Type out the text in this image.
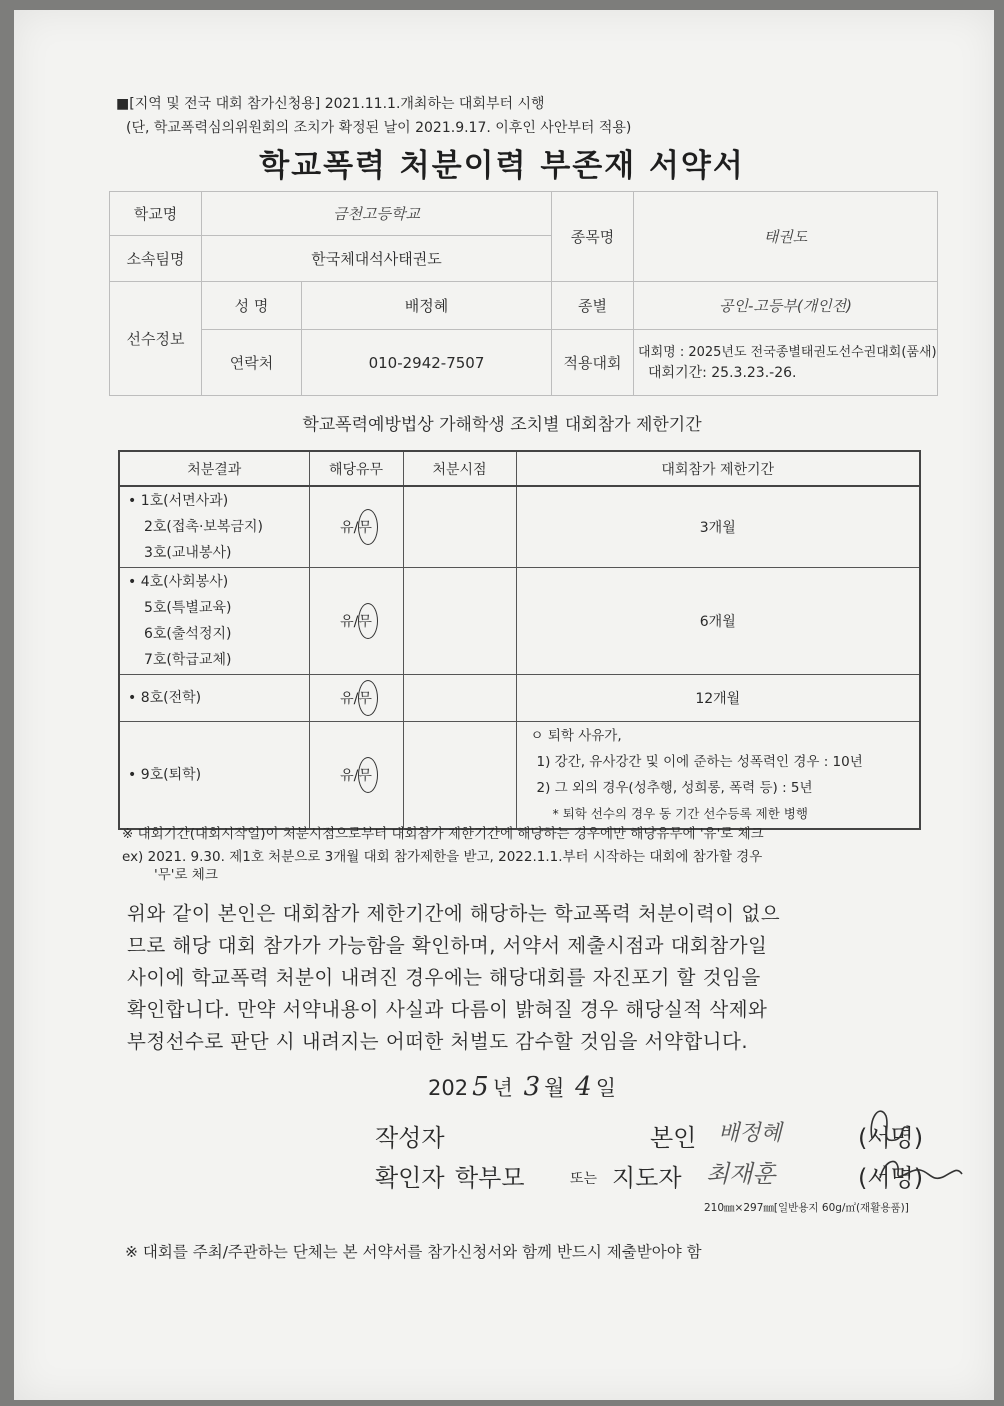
■[지역 및 전국 대회 참가신청용] 2021.11.1.개최하는 대회부터 시행
(단, 학교폭력심의위원회의 조치가 확정된 날이 2021.9.17. 이후인 사안부터 적용)
학교폭력 처분이력 부존재 서약서
학교명	금천고등학교		종목명	태권도
소속팀명	한국체대석사태권도			
선수정보	성 명	배정혜	종별	공인-고등부(개인전)
	연락처	010-2942-7507	적용대회	대회명 : 2025년도 전국종별태권도선수권대회(품새)
대회기간: 25.3.23.-26.
학교폭력예방법상 가해학생 조치별 대회참가 제한기간
처분결과	해당유무	처분시점	대회참가 제한기간

• 1호(서면사과)
2호(접촉·보복금지)
3호(교내봉사)	유/무		3개월

• 4호(사회봉사)
5호(특별교육)
6호(출석정지)
7호(학급교체)	유/무		6개월

• 8호(전학)	유/무		12개월

• 9호(퇴학)	유/무		ㅇ 퇴학 사유가,
1) 강간, 유사강간 및 이에 준하는 성폭력인 경우 : 10년
2) 그 외의 경우(성추행, 성희롱, 폭력 등) : 5년
* 퇴학 선수의 경우 동 기간 선수등록 제한 병행
※ 대회기간(대회시작일)이 처분시점으로부터 대회참가 제한기간에 해당하는 경우에만 해당유무에 '유'로 체크
ex) 2021. 9.30. 제1호 처분으로 3개월 대회 참가제한을 받고, 2022.1.1.부터 시작하는 대회에 참가할 경우
'무'로 체크
위와 같이 본인은 대회참가 제한기간에 해당하는 학교폭력 처분이력이 없으
므로 해당 대회 참가가 가능함을 확인하며, 서약서 제출시점과 대회참가일
사이에 학교폭력 처분이 내려진 경우에는 해당대회를 자진포기 할 것임을
확인합니다. 만약 서약내용이 사실과 다름이 밝혀질 경우 해당실적 삭제와
부정선수로 판단 시 내려지는 어떠한 처벌도 감수할 것임을 서약합니다.
202 5 년 3 월 4 일
작성자	본인 배정혜	(서명)
확인자 학부모	또는 지도자 최재훈	(서명)
210㎜×297㎜[일반용지 60g/㎡(재활용품)]
※ 대회를 주최/주관하는 단체는 본 서약서를 참가신청서와 함께 반드시 제출받아야 함
